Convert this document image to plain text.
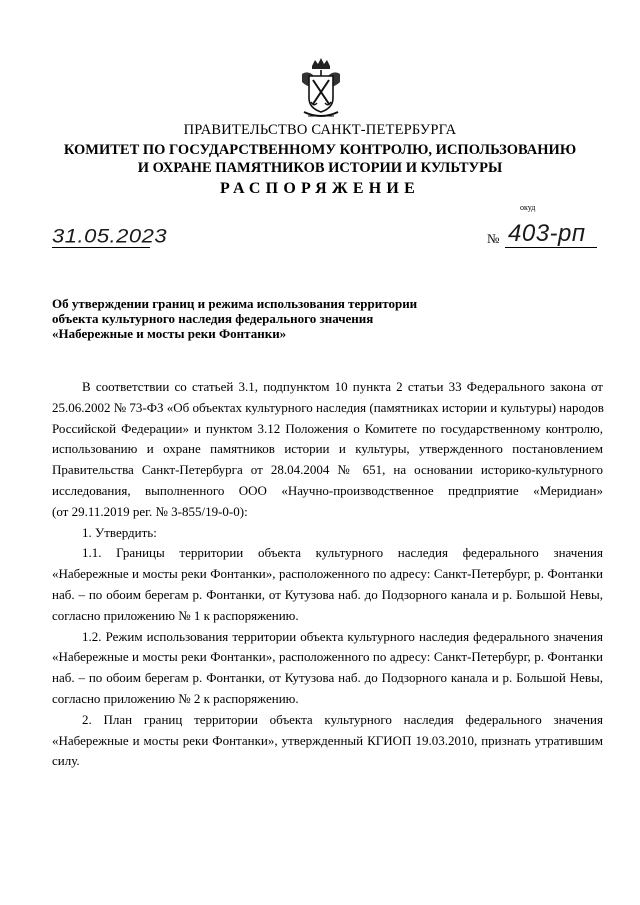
ПРАВИТЕЛЬСТВО САНКТ-ПЕТЕРБУРГА
КОМИТЕТ ПО ГОСУДАРСТВЕННОМУ КОНТРОЛЮ, ИСПОЛЬЗОВАНИЮ
И ОХРАНЕ ПАМЯТНИКОВ ИСТОРИИ И КУЛЬТУРЫ
РАСПОРЯЖЕНИЕ
окуд
31.05.2023	№ 403-рп
Об утверждении границ и режима использования территории
объекта культурного наследия федерального значения
«Набережные и мосты реки Фонтанки»

В соответствии со статьей 3.1, подпунктом 10 пункта 2 статьи 33 Федерального закона от
25.06.2002 № 73-ФЗ «Об объектах культурного наследия (памятниках истории и культуры) народов
Российской Федерации» и пунктом 3.12 Положения о Комитете по государственному контролю,
использованию и охране памятников истории и культуры, утвержденного постановлением
Правительства Санкт-Петербурга от 28.04.2004 № 651, на основании историко-культурного
исследования, выполненного ООО «Научно-производственное предприятие «Меридиан»
(от 29.11.2019 рег. № 3-855/19-0-0):

1. Утвердить:

1.1. Границы территории объекта культурного наследия федерального значения
«Набережные и мосты реки Фонтанки», расположенного по адресу: Санкт-Петербург, р. Фонтанки
наб. – по обоим берегам р. Фонтанки, от Кутузова наб. до Подзорного канала и р. Большой Невы,
согласно приложению № 1 к распоряжению.

1.2. Режим использования территории объекта культурного наследия федерального значения
«Набережные и мосты реки Фонтанки», расположенного по адресу: Санкт-Петербург, р. Фонтанки
наб. – по обоим берегам р. Фонтанки, от Кутузова наб. до Подзорного канала и р. Большой Невы,
согласно приложению № 2 к распоряжению.

2. План границ территории объекта культурного наследия федерального значения
«Набережные и мосты реки Фонтанки», утвержденный КГИОП 19.03.2010, признать утратившим
силу.
